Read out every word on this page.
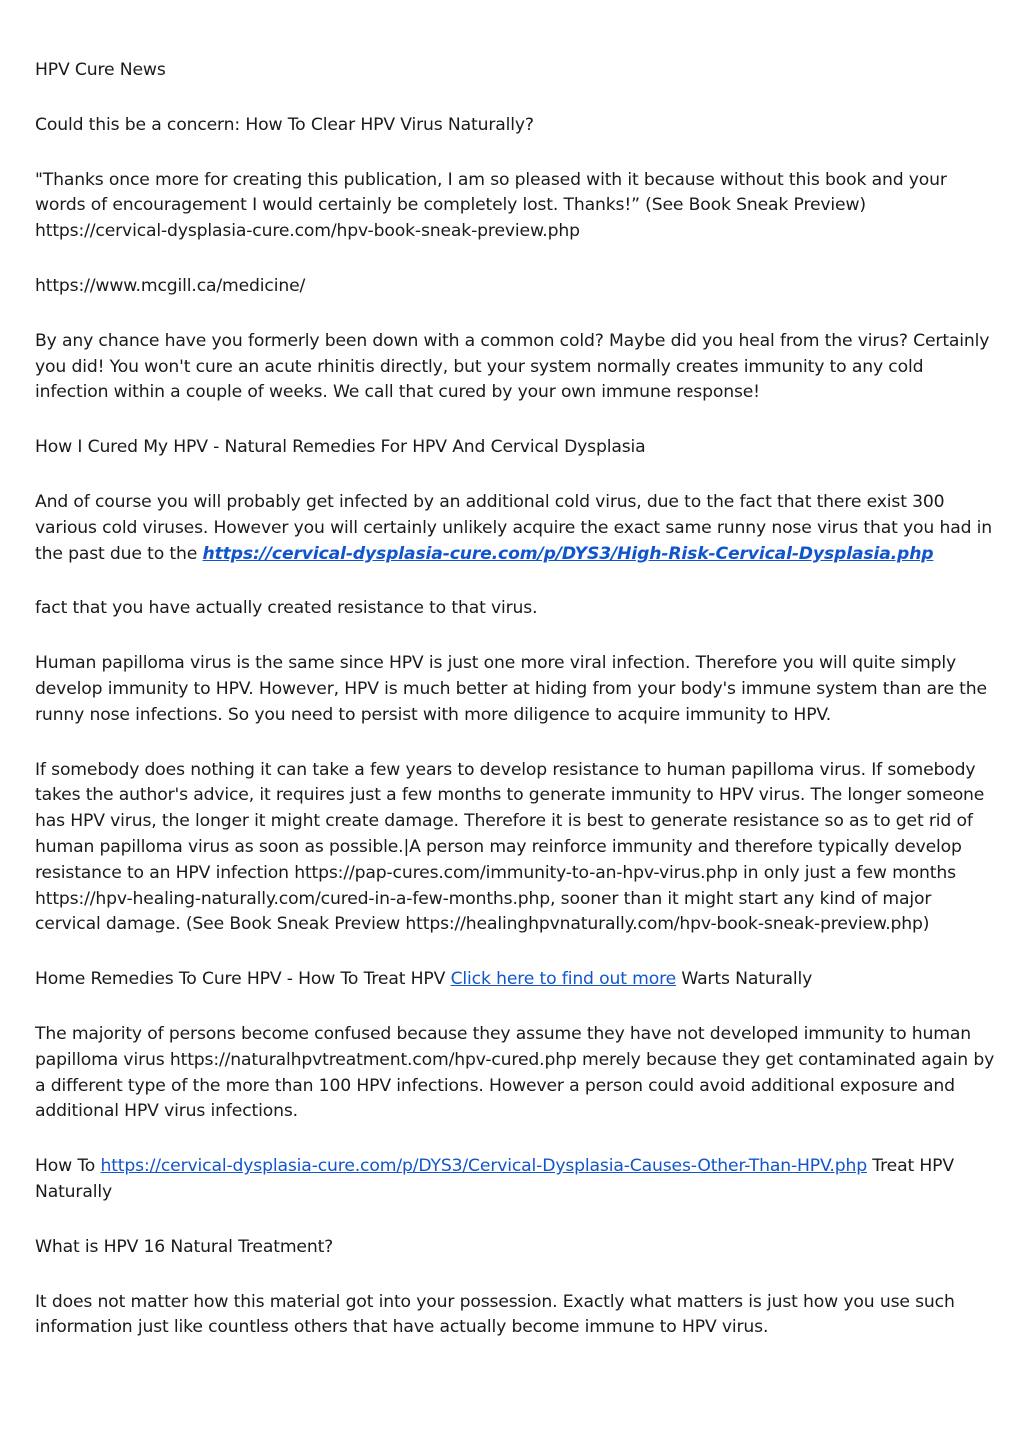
HPV Cure News

Could this be a concern: How To Clear HPV Virus Naturally?

"Thanks once more for creating this publication, I am so pleased with it because without this book and your words of encouragement I would certainly be completely lost. Thanks!” (See Book Sneak Preview) https://cervical-dysplasia-cure.com/hpv-book-sneak-preview.php

https://www.mcgill.ca/medicine/

By any chance have you formerly been down with a common cold? Maybe did you heal from the virus? Certainly you did! You won't cure an acute rhinitis directly, but your system normally creates immunity to any cold infection within a couple of weeks. We call that cured by your own immune response!

How I Cured My HPV - Natural Remedies For HPV And Cervical Dysplasia

And of course you will probably get infected by an additional cold virus, due to the fact that there exist 300 various cold viruses. However you will certainly unlikely acquire the exact same runny nose virus that you had in the past due to the https://cervical-dysplasia-cure.com/p/DYS3/High-Risk-Cervical-Dysplasia.php

fact that you have actually created resistance to that virus.

Human papilloma virus is the same since HPV is just one more viral infection. Therefore you will quite simply develop immunity to HPV. However, HPV is much better at hiding from your body's immune system than are the runny nose infections. So you need to persist with more diligence to acquire immunity to HPV.

If somebody does nothing it can take a few years to develop resistance to human papilloma virus. If somebody takes the author's advice, it requires just a few months to generate immunity to HPV virus. The longer someone has HPV virus, the longer it might create damage. Therefore it is best to generate resistance so as to get rid of human papilloma virus as soon as possible.|A person may reinforce immunity and therefore typically develop resistance to an HPV infection https://pap-cures.com/immunity-to-an-hpv-virus.php in only just a few months https://hpv-healing-naturally.com/cured-in-a-few-months.php, sooner than it might start any kind of major cervical damage. (See Book Sneak Preview https://healinghpvnaturally.com/hpv-book-sneak-preview.php)

Home Remedies To Cure HPV - How To Treat HPV Click here to find out more Warts Naturally

The majority of persons become confused because they assume they have not developed immunity to human papilloma virus https://naturalhpvtreatment.com/hpv-cured.php merely because they get contaminated again by a different type of the more than 100 HPV infections. However a person could avoid additional exposure and additional HPV virus infections.

How To https://cervical-dysplasia-cure.com/p/DYS3/Cervical-Dysplasia-Causes-Other-Than-HPV.php Treat HPV Naturally

What is HPV 16 Natural Treatment?

It does not matter how this material got into your possession. Exactly what matters is just how you use such information just like countless others that have actually become immune to HPV virus.
